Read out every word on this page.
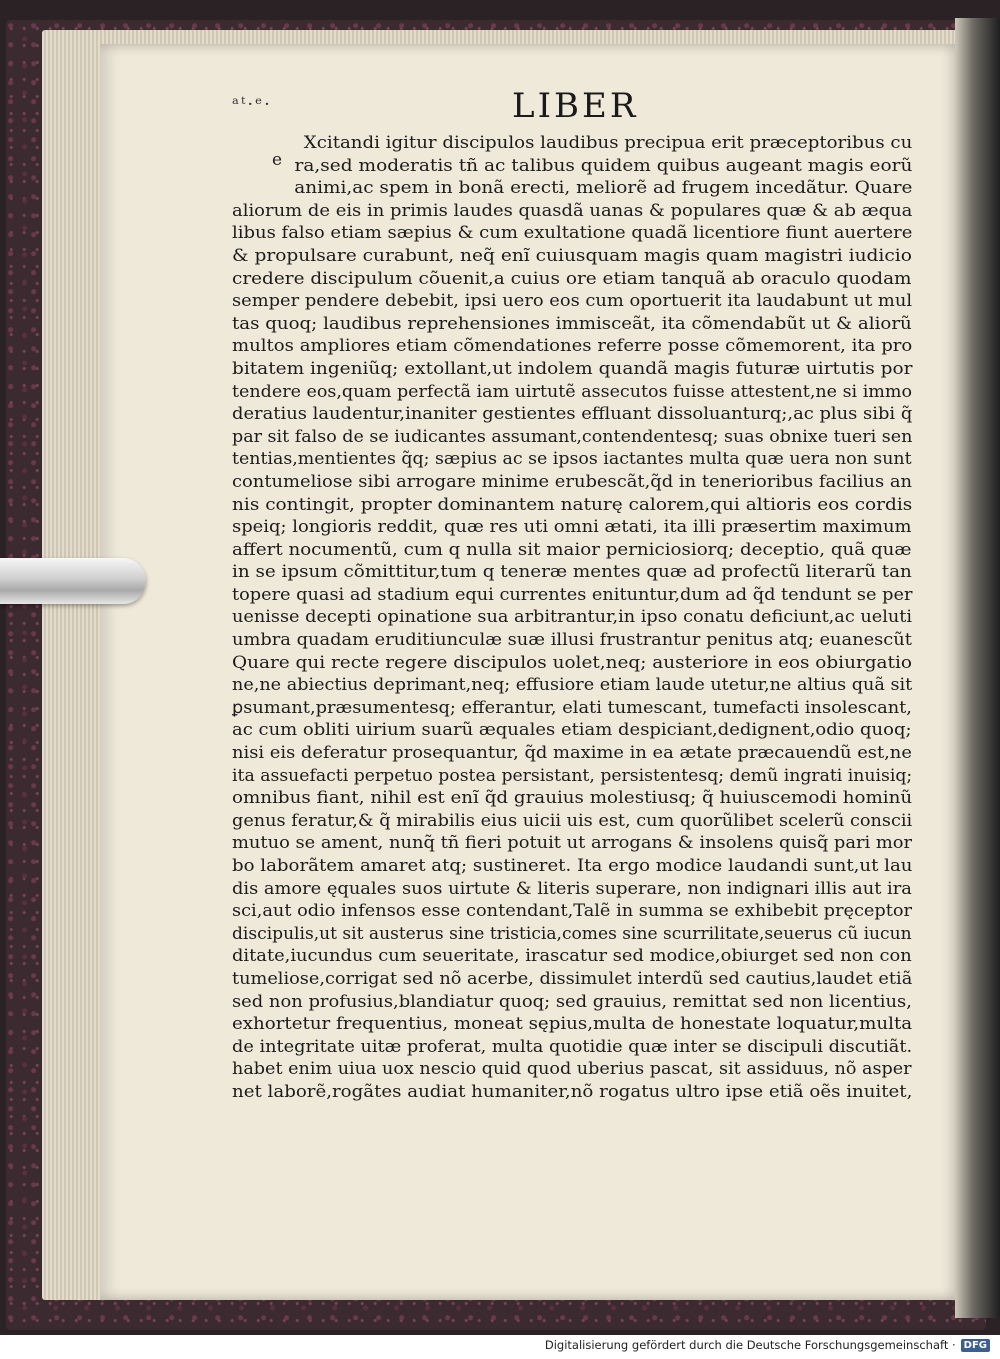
ᵃᵗ·ᵉ·	LIBER
e
Xcitandi igitur discipulos laudibus precipua erit præceptoribus cu
ra,sed moderatis tñ ac talibus quidem quibus augeant magis eorũ
animi,ac spem in bonã erecti, meliorẽ ad frugem incedãtur. Quare
aliorum de eis in primis laudes quasdã uanas & populares quæ & ab æqua
libus falso etiam sæpius & cum exultatione quadã licentiore fiunt auertere
& propulsare curabunt, neq̃ enĩ cuiusquam magis quam magistri iudicio
credere discipulum cõuenit,a cuius ore etiam tanquã ab oraculo quodam
semper pendere debebit, ipsi uero eos cum oportuerit ita laudabunt ut mul
tas quoq; laudibus reprehensiones immisceãt, ita cõmendabũt ut & aliorũ
multos ampliores etiam cõmendationes referre posse cõmemorent, ita pro
bitatem ingeniũq; extollant,ut indolem quandã magis futuræ uirtutis por
tendere eos,quam perfectã iam uirtutẽ assecutos fuisse attestent,ne si immo
deratius laudentur,inaniter gestientes effluant dissoluanturq;,ac plus sibi q̃
par sit falso de se iudicantes assumant,contendentesq; suas obnixe tueri sen
tentias,mentientes q̃q; sæpius ac se ipsos iactantes multa quæ uera non sunt
contumeliose sibi arrogare minime erubescãt,q̃d in tenerioribus facilius an
nis contingit, propter dominantem naturę calorem,qui altioris eos cordis
speiq; longioris reddit, quæ res uti omni ætati, ita illi præsertim maximum
affert nocumentũ, cum q nulla sit maior perniciosiorq; deceptio, quã quæ
in se ipsum cõmittitur,tum q teneræ mentes quæ ad profectũ literarũ tan
topere quasi ad stadium equi currentes enituntur,dum ad q̃d tendunt se per
uenisse decepti opinatione sua arbitrantur,in ipso conatu deficiunt,ac ueluti
umbra quadam eruditiunculæ suæ illusi frustrantur penitus atq; euanescũt
Quare qui recte regere discipulos uolet,neq; austeriore in eos obiurgatio
ne,ne abiectius deprimant,neq; effusiore etiam laude utetur,ne altius quã sit
ꝑsumant,præsumentesq; efferantur, elati tumescant, tumefacti insolescant,
ac cum obliti uirium suarũ æquales etiam despiciant,dedignent,odio quoq;
nisi eis deferatur prosequantur, q̃d maxime in ea ætate præcauendũ est,ne
ita assuefacti perpetuo postea persistant, persistentesq; demũ ingrati inuisiq;
omnibus fiant, nihil est enĩ q̃d grauius molestiusq; q̃ huiuscemodi hominũ
genus feratur,& q̃ mirabilis eius uicii uis est, cum quorũlibet scelerũ conscii
mutuo se ament, nunq̃ tñ fieri potuit ut arrogans & insolens quisq̃ pari mor
bo laborãtem amaret atq; sustineret. Ita ergo modice laudandi sunt,ut lau
dis amore ęquales suos uirtute & literis superare, non indignari illis aut ira
sci,aut odio infensos esse contendant,Talẽ in summa se exhibebit pręceptor
discipulis,ut sit austerus sine tristicia,comes sine scurrilitate,seuerus cũ iucun
ditate,iucundus cum seueritate, irascatur sed modice,obiurget sed non con
tumeliose,corrigat sed nõ acerbe, dissimulet interdũ sed cautius,laudet etiã
sed non profusius,blandiatur quoq; sed grauius, remittat sed non licentius,
exhortetur frequentius, moneat sępius,multa de honestate loquatur,multa
de integritate uitæ proferat, multa quotidie quæ inter se discipuli discutiãt.
habet enim uiua uox nescio quid quod uberius pascat, sit assiduus, nõ asper
net laborẽ,rogãtes audiat humaniter,nõ rogatus ultro ipse etiã oẽs inuitet,
Digitalisierung gefördert durch die Deutsche Forschungsgemeinschaft · DFG
